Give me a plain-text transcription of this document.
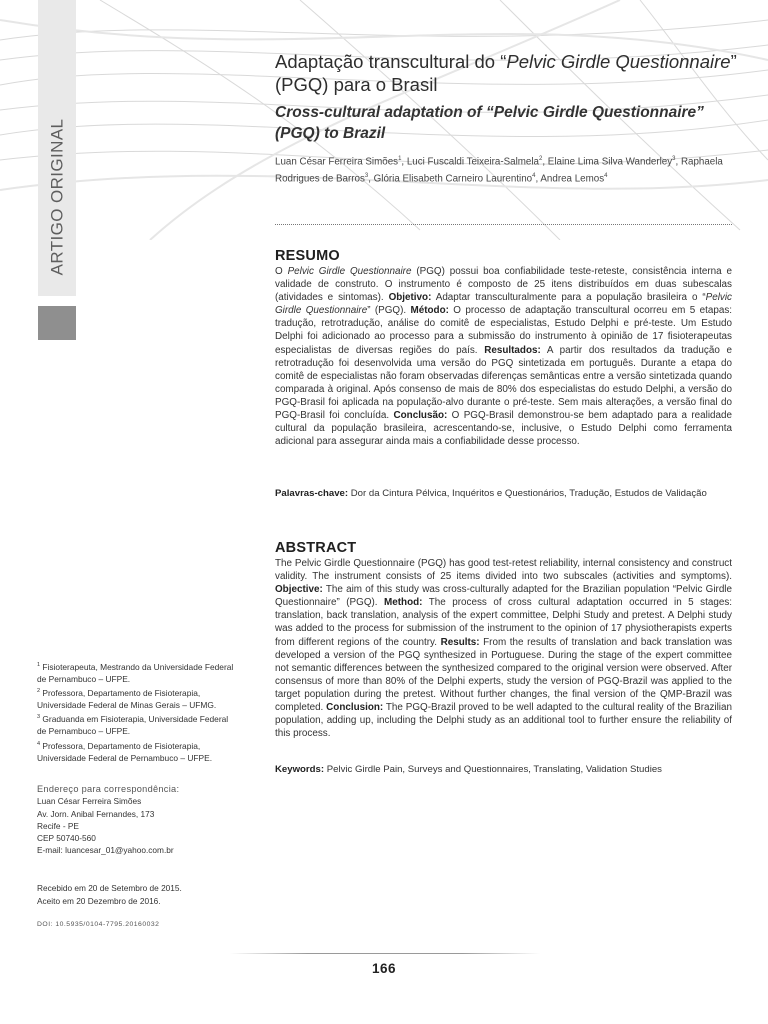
ARTIGO ORIGINAL
Adaptação transcultural do “Pelvic Girdle Questionnaire” (PGQ) para o Brasil
Cross-cultural adaptation of “Pelvic Girdle Questionnaire” (PGQ) to Brazil
Luan César Ferreira Simões$^1$, Luci Fuscaldi Teixeira-Salmela$^2$, Elaine Lima Silva Wanderley$^3$, Raphaela Rodrigues de Barros$^3$, Glória Elisabeth Carneiro Laurentino$^4$, Andrea Lemos$^4$
RESUMO
O Pelvic Girdle Questionnaire (PGQ) possui boa confiabilidade teste-reteste, consistência interna e validade de construto. O instrumento é composto de 25 itens distribuídos em duas subescalas (atividades e sintomas). Objetivo: Adaptar transculturalmente para a população brasileira o “Pelvic Girdle Questionnaire” (PGQ). Método: O processo de adaptação transcultural ocorreu em 5 etapas: tradução, retrotradução, análise do comitê de especialistas, Estudo Delphi e pré-teste. Um Estudo Delphi foi adicionado ao processo para a submissão do instrumento à opinião de 17 fisioterapeutas especialistas de diversas regiões do país. Resultados: A partir dos resultados da tradução e retrotradução foi desenvolvida uma versão do PGQ sintetizada em português. Durante a etapa do comitê de especialistas não foram observadas diferenças semânticas entre a versão sintetizada quando comparada à original. Após consenso de mais de 80% dos especialistas do estudo Delphi, a versão do PGQ-Brasil foi aplicada na população-alvo durante o pré-teste. Sem mais alterações, a versão final do PGQ-Brasil foi concluída. Conclusão: O PGQ-Brasil demonstrou-se bem adaptado para a realidade cultural da população brasileira, acrescentando-se, inclusive, o Estudo Delphi como ferramenta adicional para assegurar ainda mais a confiabilidade desse processo.
Palavras-chave: Dor da Cintura Pélvica, Inquéritos e Questionários, Tradução, Estudos de Validação
ABSTRACT
The Pelvic Girdle Questionnaire (PGQ) has good test-retest reliability, internal consistency and construct validity. The instrument consists of 25 items divided into two subscales (activities and symptoms). Objective: The aim of this study was cross-culturally adapted for the Brazilian population “Pelvic Girdle Questionnaire” (PGQ). Method: The process of cross cultural adaptation occurred in 5 stages: translation, back translation, analysis of the expert committee, Delphi Study and pretest. A Delphi study was added to the process for submission of the instrument to the opinion of 17 physiotherapists experts from different regions of the country. Results: From the results of translation and back translation was developed a version of the PGQ synthesized in Portuguese. During the stage of the expert committee not semantic differences between the synthesized compared to the original version were observed. After consensus of more than 80% of the Delphi experts, study the version of PGQ-Brazil was applied to the target population during the pretest. Without further changes, the final version of the QMP-Brazil was completed. Conclusion: The PGQ-Brazil proved to be well adapted to the cultural reality of the Brazilian population, adding up, including the Delphi study as an additional tool to further ensure the reliability of this process.
Keywords: Pelvic Girdle Pain, Surveys and Questionnaires, Translating, Validation Studies
$^1$ Fisioterapeuta, Mestrando da Universidade Federal
de Pernambuco – UFPE.
$^2$ Professora, Departamento de Fisioterapia,
Universidade Federal de Minas Gerais – UFMG.
$^3$ Graduanda em Fisioterapia, Universidade Federal
de Pernambuco – UFPE.
$^4$ Professora, Departamento de Fisioterapia,
Universidade Federal de Pernambuco – UFPE.
Endereço para correspondência:
Luan César Ferreira Simões
Av. Jorn. Anibal Fernandes, 173
Recife - PE
CEP 50740-560
E-mail: luancesar_01@yahoo.com.br
Recebido em 20 de Setembro de 2015.
Aceito em 20 Dezembro de 2016.
DOI: 10.5935/0104-7795.20160032
166
